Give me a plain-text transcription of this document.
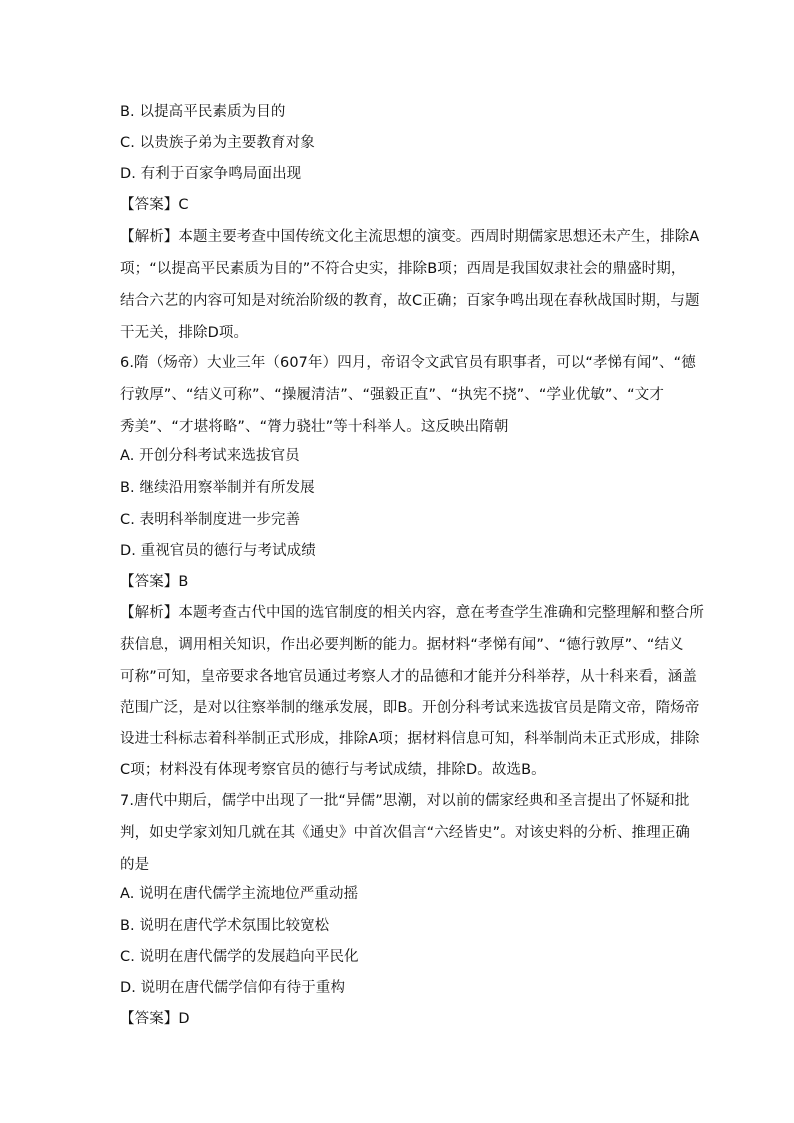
B. 以提高平民素质为目的
C. 以贵族子弟为主要教育对象
D. 有利于百家争鸣局面出现
【答案】C
【解析】本题主要考查中国传统文化主流思想的演变。西周时期儒家思想还未产生，排除A
项；“以提高平民素质为目的”不符合史实，排除B项；西周是我国奴隶社会的鼎盛时期，
结合六艺的内容可知是对统治阶级的教育，故C正确；百家争鸣出现在春秋战国时期，与题
干无关，排除D项。
6.隋（炀帝）大业三年（607年）四月，帝诏令文武官员有职事者，可以“孝悌有闻”、“德
行敦厚”、“结义可称”、“操履清洁”、“强毅正直”、“执宪不挠”、“学业优敏”、“文才
秀美”、“才堪将略”、“膂力骁壮”等十科举人。这反映出隋朝
A. 开创分科考试来选拔官员
B. 继续沿用察举制并有所发展
C. 表明科举制度进一步完善
D. 重视官员的德行与考试成绩
【答案】B
【解析】本题考查古代中国的选官制度的相关内容，意在考查学生准确和完整理解和整合所
获信息，调用相关知识，作出必要判断的能力。据材料“孝悌有闻”、“德行敦厚”、“结义
可称”可知，皇帝要求各地官员通过考察人才的品德和才能并分科举荐，从十科来看，涵盖
范围广泛，是对以往察举制的继承发展，即B。开创分科考试来选拔官员是隋文帝，隋炀帝
设进士科标志着科举制正式形成，排除A项；据材料信息可知，科举制尚未正式形成，排除
C项；材料没有体现考察官员的德行与考试成绩，排除D。故选B。
7.唐代中期后，儒学中出现了一批“异儒”思潮，对以前的儒家经典和圣言提出了怀疑和批
判，如史学家刘知几就在其《通史》中首次倡言“六经皆史”。对该史料的分析、推理正确
的是
A. 说明在唐代儒学主流地位严重动摇
B. 说明在唐代学术氛围比较宽松
C. 说明在唐代儒学的发展趋向平民化
D. 说明在唐代儒学信仰有待于重构
【答案】D
